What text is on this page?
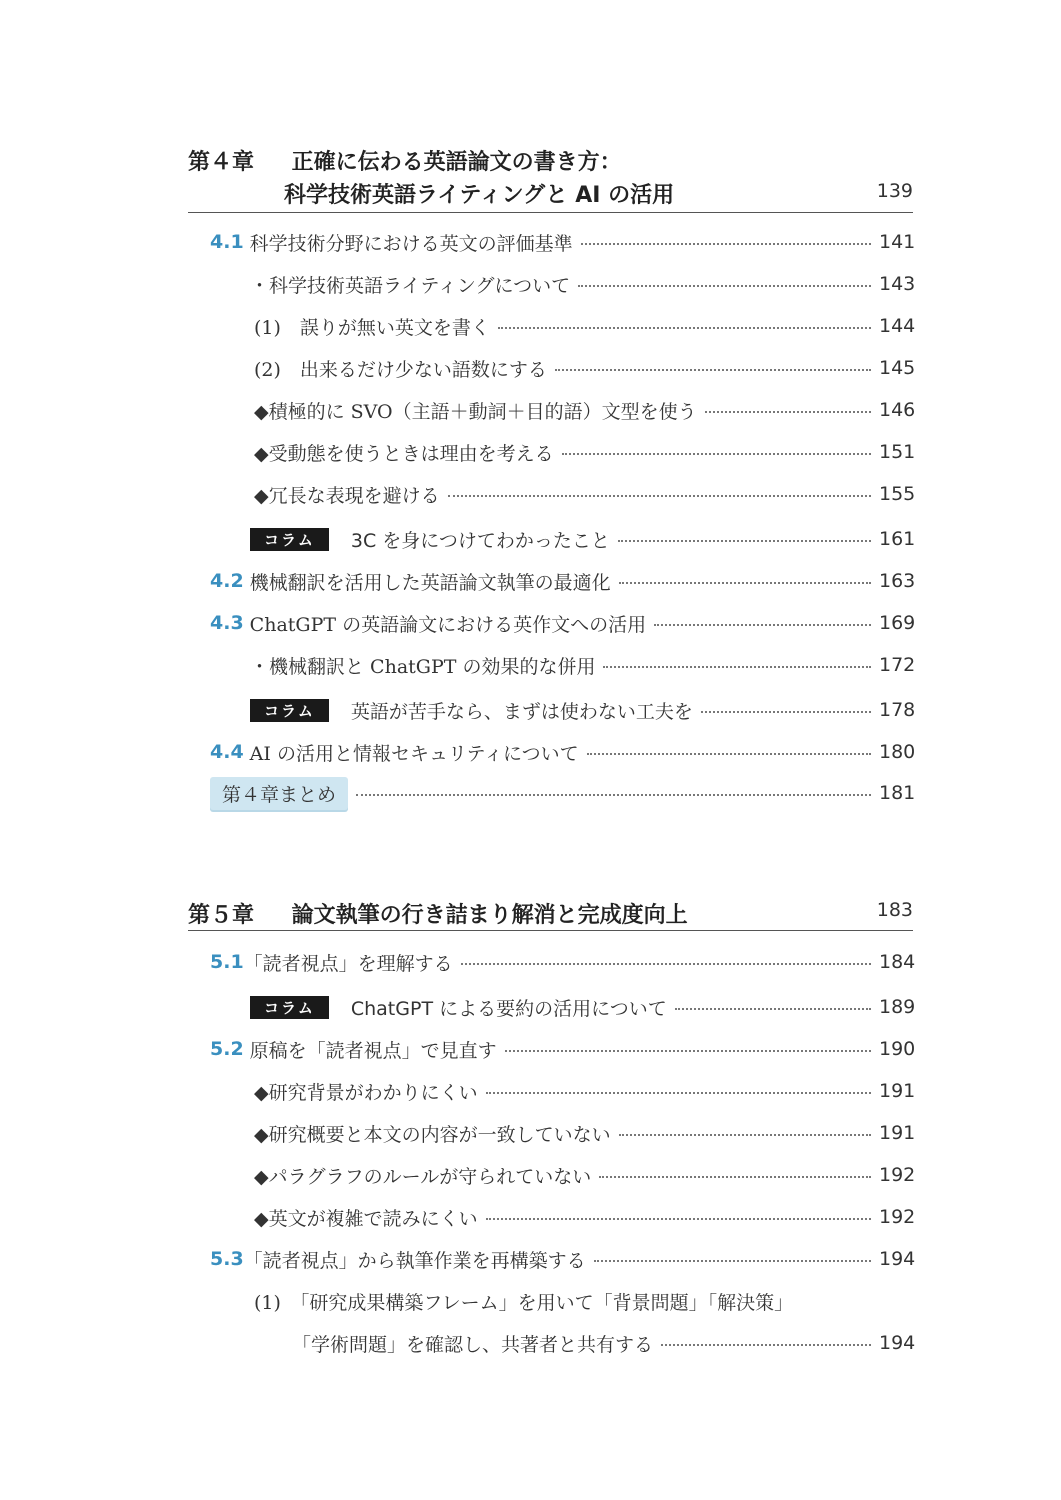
第４章 正確に伝わる英語論文の書き方：
科学技術英語ライティングと AI の活用	139
4.1 科学技術分野における英文の評価基準	141
・科学技術英語ライティングについて	143
(1)　誤りが無い英文を書く	144
(2)　出来るだけ少ない語数にする	145
◆積極的に SVO（主語＋動詞＋目的語）文型を使う	146
◆受動態を使うときは理由を考える	151
◆冗長な表現を避ける	155
コラム	3C を身につけてわかったこと	161
4.2 機械翻訳を活用した英語論文執筆の最適化	163
4.3 ChatGPT の英語論文における英作文への活用	169
・機械翻訳と ChatGPT の効果的な併用	172
コラム	英語が苦手なら、まずは使わない工夫を	178
4.4 AI の活用と情報セキュリティについて	180
第４章まとめ	181
第５章 論文執筆の行き詰まり解消と完成度向上	183
5.1 「読者視点」を理解する	184
コラム	ChatGPT による要約の活用について	189
5.2 原稿を「読者視点」で見直す	190
◆研究背景がわかりにくい	191
◆研究概要と本文の内容が一致していない	191
◆パラグラフのルールが守られていない	192
◆英文が複雑で読みにくい	192
5.3 「読者視点」から執筆作業を再構築する	194
(1)　「研究成果構築フレーム」を用いて「背景問題」「解決策」
「学術問題」を確認し、共著者と共有する	194
